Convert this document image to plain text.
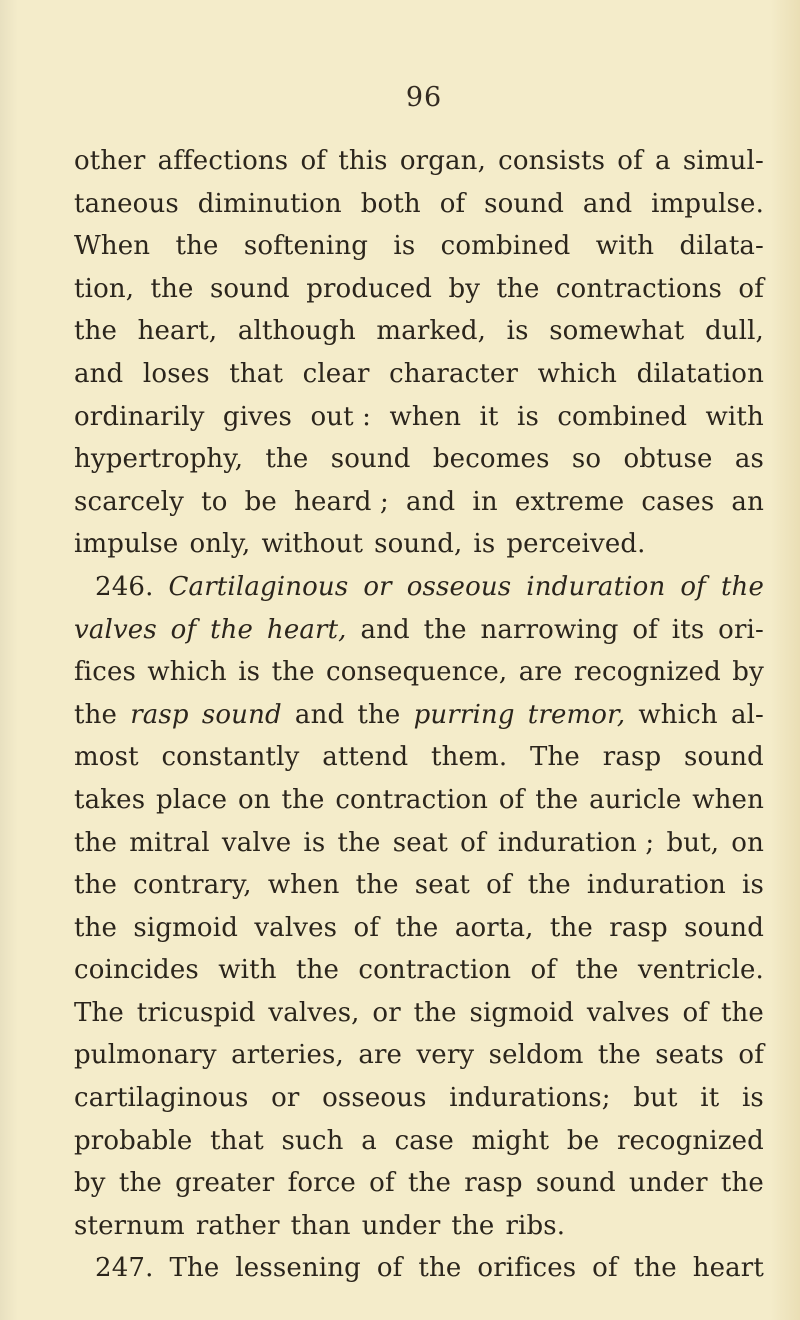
96
other affections of this organ, consists of a simul-
taneous diminution both of sound and impulse.
When the softening is combined with dilata-
tion, the sound produced by the contractions of
the heart, although marked, is somewhat dull,
and loses that clear character which dilatation
ordinarily gives out : when it is combined with
hypertrophy, the sound becomes so obtuse as
scarcely to be heard ; and in extreme cases an
impulse only, without sound, is perceived.
246. Cartilaginous or osseous induration of the
valves of the heart, and the narrowing of its ori-
fices which is the consequence, are recognized by
the rasp sound and the purring tremor, which al-
most constantly attend them. The rasp sound
takes place on the contraction of the auricle when
the mitral valve is the seat of induration ; but, on
the contrary, when the seat of the induration is
the sigmoid valves of the aorta, the rasp sound
coincides with the contraction of the ventricle.
The tricuspid valves, or the sigmoid valves of the
pulmonary arteries, are very seldom the seats of
cartilaginous or osseous indurations; but it is
probable that such a case might be recognized
by the greater force of the rasp sound under the
sternum rather than under the ribs.
247. The lessening of the orifices of the heart
